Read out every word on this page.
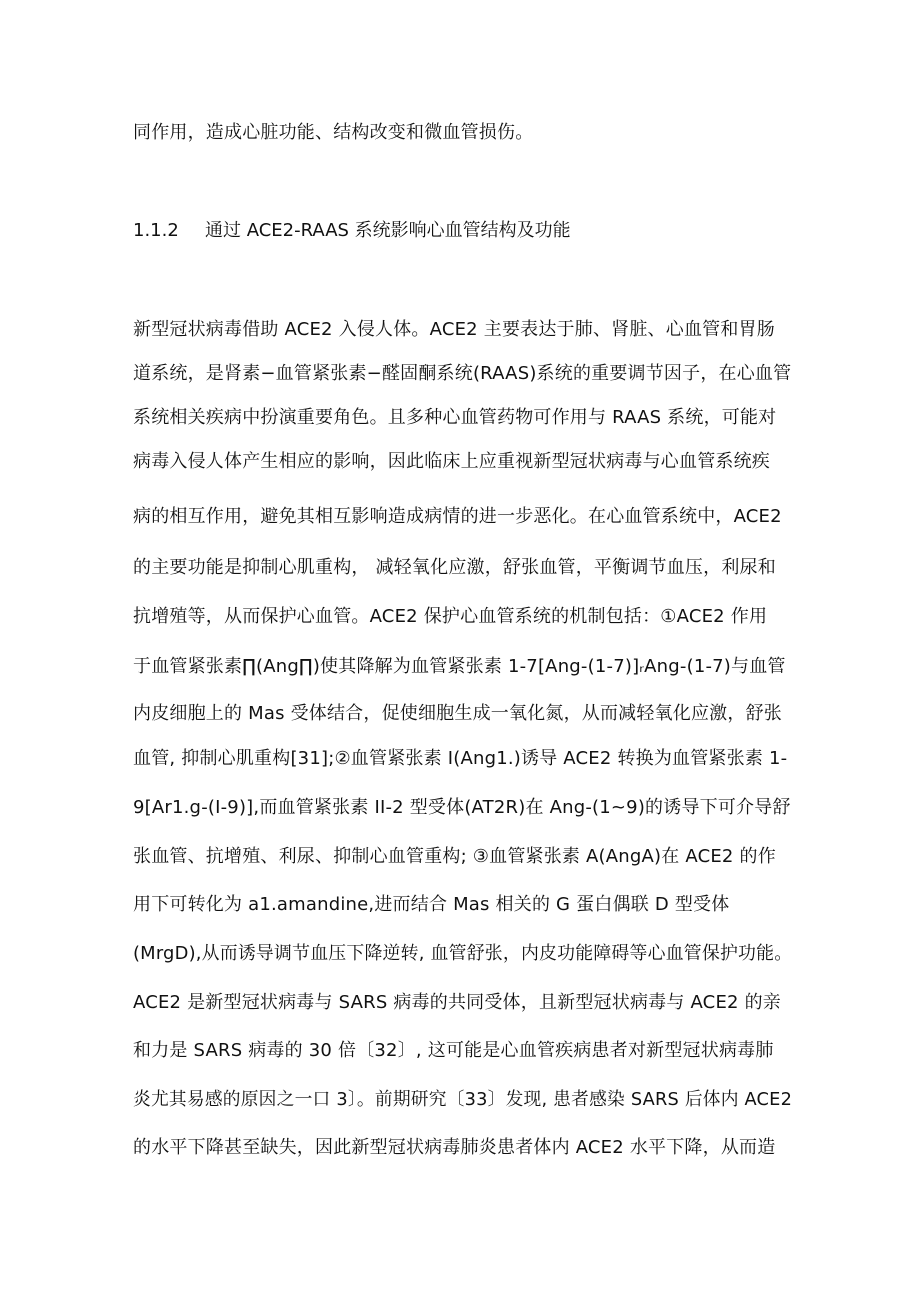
同作用，造成心脏功能、结构改变和微血管损伤。
1.1.2 通过 ACE2-RAAS 系统影响心血管结构及功能
新型冠状病毒借助 ACE2 入侵人体。ACE2 主要表达于肺、肾脏、心血管和胃肠
道系统，是肾素−血管紧张素−醛固酮系统(RAAS)系统的重要调节因子，在心血管
系统相关疾病中扮演重要角色。且多种心血管药物可作用与 RAAS 系统，可能对
病毒入侵人体产生相应的影响，因此临床上应重视新型冠状病毒与心血管系统疾
病的相互作用，避免其相互影响造成病情的进一步恶化。在心血管系统中，ACE2
的主要功能是抑制心肌重构， 减轻氧化应激，舒张血管，平衡调节血压，利尿和
抗增殖等，从而保护心血管。ACE2 保护心血管系统的机制包括：①ACE2 作用
于血管紧张素∏(Ang∏)使其降解为血管紧张素 1-7[Ang-(1-7)]ᵣAng-(1-7)与血管
内皮细胞上的 Mas 受体结合，促使细胞生成一氧化氮，从而减轻氧化应激，舒张
血管, 抑制心肌重构[31];②血管紧张素 I(Ang1.)诱导 ACE2 转换为血管紧张素 1-
9[Ar1.g-(I-9)],而血管紧张素 II-2 型受体(AT2R)在 Ang-(1~9)的诱导下可介导舒
张血管、抗增殖、利尿、抑制心血管重构; ③血管紧张素 A(AngA)在 ACE2 的作
用下可转化为 a1.amandine,进而结合 Mas 相关的 G 蛋白偶联 D 型受体
(MrgD),从而诱导调节血压下降逆转, 血管舒张，内皮功能障碍等心血管保护功能。
ACE2 是新型冠状病毒与 SARS 病毒的共同受体，且新型冠状病毒与 ACE2 的亲
和力是 SARS 病毒的 30 倍〔32〕, 这可能是心血管疾病患者对新型冠状病毒肺
炎尤其易感的原因之一口 3〕。前期研究〔33〕发现, 患者感染 SARS 后体内 ACE2
的水平下降甚至缺失，因此新型冠状病毒肺炎患者体内 ACE2 水平下降，从而造
